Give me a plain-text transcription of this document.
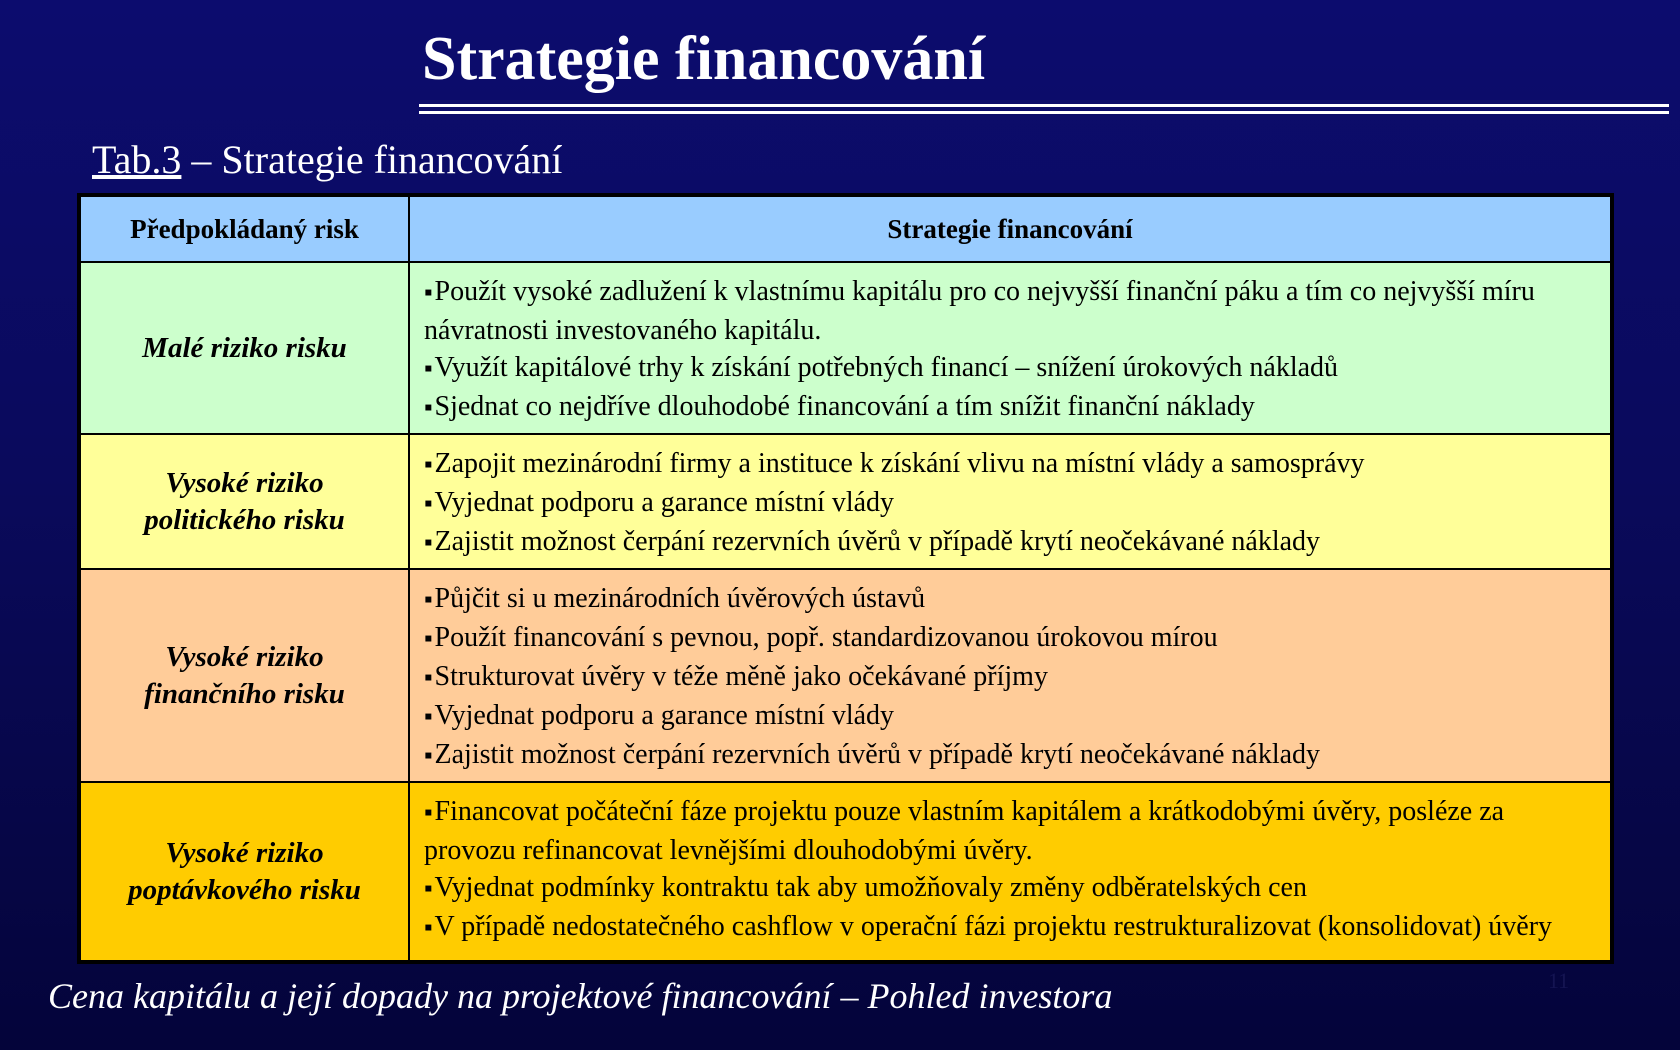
Strategie financování
Tab.3 – Strategie financování
Předpokládaný risk	Strategie financování
Malé riziko risku	▪ Použít vysoké zadlužení k vlastnímu kapitálu pro co nejvyšší finanční páku a tím co nejvyšší míru návratnosti investovaného kapitálu.

▪ Využít kapitálové trhy k získání potřebných financí – snížení úrokových nákladů

▪ Sjednat co nejdříve dlouhodobé financování a tím snížit finanční náklady

Vysoké riziko politického risku	▪ Zapojit mezinárodní firmy a instituce k získání vlivu na místní vlády a samosprávy

▪ Vyjednat podporu a garance místní vlády

▪ Zajistit možnost čerpání rezervních úvěrů v případě krytí neočekávané náklady

Vysoké riziko finančního risku	▪ Půjčit si u mezinárodních úvěrových ústavů

▪ Použít financování s pevnou, popř. standardizovanou úrokovou mírou

▪ Strukturovat úvěry v téže měně jako očekávané příjmy

▪ Vyjednat podporu a garance místní vlády

▪ Zajistit možnost čerpání rezervních úvěrů v případě krytí neočekávané náklady

Vysoké riziko poptávkového risku	▪ Financovat počáteční fáze projektu pouze vlastním kapitálem a krátkodobými úvěry, posléze za provozu refinancovat levnějšími dlouhodobými úvěry.

▪ Vyjednat podmínky kontraktu tak aby umožňovaly změny odběratelských cen

▪ V případě nedostatečného cashflow v operační fázi projektu restrukturalizovat (konsolidovat) úvěry

Cena kapitálu a její dopady na projektové financování – Pohled investora	11
